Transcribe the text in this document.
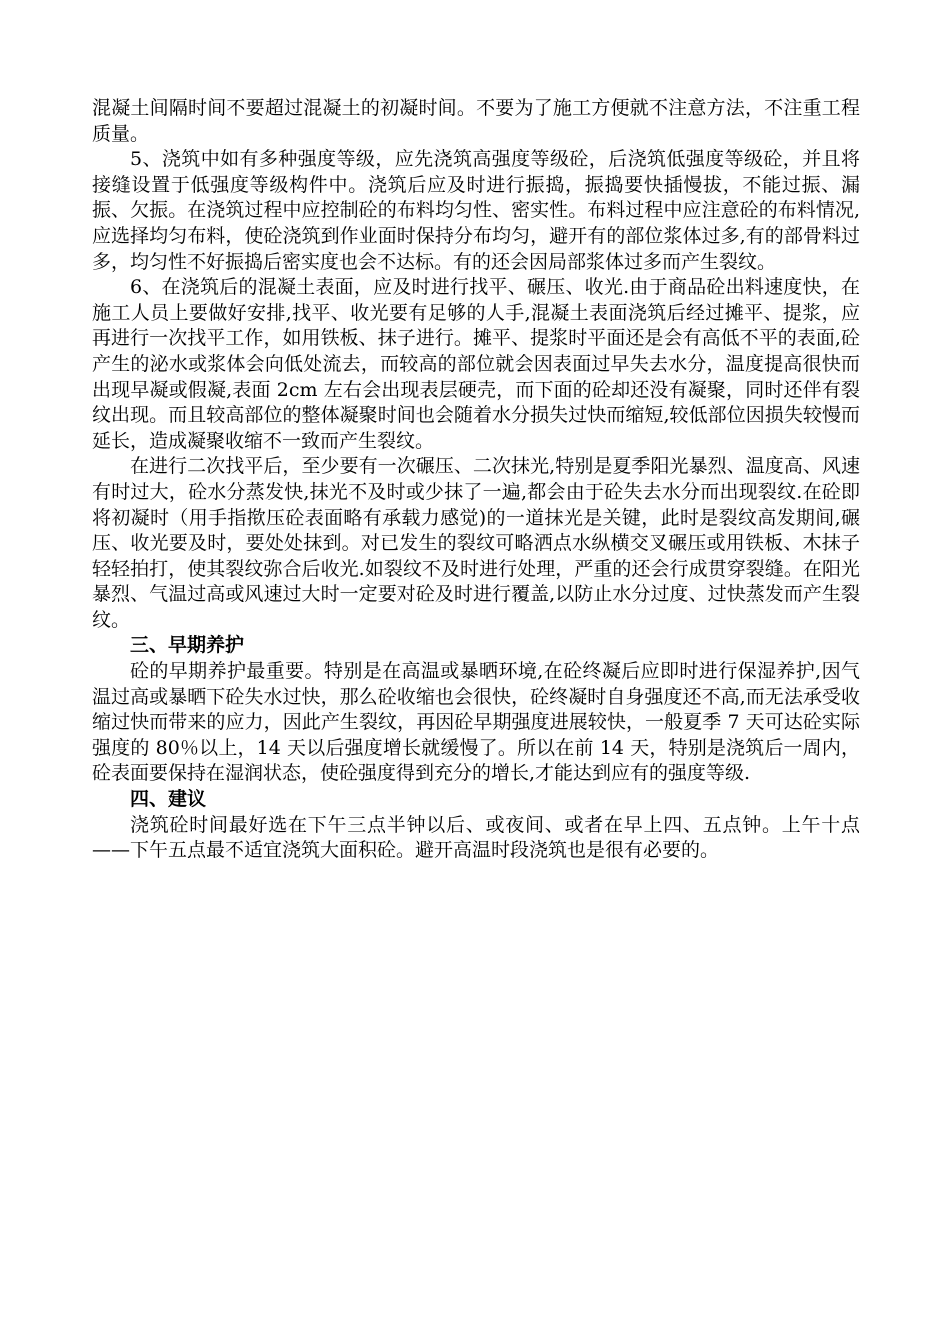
混凝土间隔时间不要超过混凝土的初凝时间。不要为了施工方便就不注意方法，不注重工程质量。

5、浇筑中如有多种强度等级，应先浇筑高强度等级砼，后浇筑低强度等级砼，并且将接缝设置于低强度等级构件中。浇筑后应及时进行振捣，振捣要快插慢拔，不能过振、漏振、欠振。在浇筑过程中应控制砼的布料均匀性、密实性。布料过程中应注意砼的布料情况,应选择均匀布料，使砼浇筑到作业面时保持分布均匀，避开有的部位浆体过多,有的部骨料过多，均匀性不好振捣后密实度也会不达标。有的还会因局部浆体过多而产生裂纹。

6、在浇筑后的混凝土表面，应及时进行找平、碾压、收光.由于商品砼出料速度快，在施工人员上要做好安排,找平、收光要有足够的人手,混凝土表面浇筑后经过摊平、提浆，应再进行一次找平工作，如用铁板、抹子进行。摊平、提浆时平面还是会有高低不平的表面,砼产生的泌水或浆体会向低处流去，而较高的部位就会因表面过早失去水分，温度提高很快而出现早凝或假凝,表面 2cm 左右会出现表层硬壳，而下面的砼却还没有凝聚，同时还伴有裂纹出现。而且较高部位的整体凝聚时间也会随着水分损失过快而缩短,较低部位因损失较慢而延长，造成凝聚收缩不一致而产生裂纹。

在进行二次找平后，至少要有一次碾压、二次抹光,特别是夏季阳光暴烈、温度高、风速有时过大，砼水分蒸发快,抹光不及时或少抹了一遍,都会由于砼失去水分而出现裂纹.在砼即将初凝时（用手指揿压砼表面略有承载力感觉)的一道抹光是关键，此时是裂纹高发期间,碾压、收光要及时，要处处抹到。对已发生的裂纹可略洒点水纵横交叉碾压或用铁板、木抹子轻轻拍打，使其裂纹弥合后收光.如裂纹不及时进行处理，严重的还会行成贯穿裂缝。在阳光暴烈、气温过高或风速过大时一定要对砼及时进行覆盖,以防止水分过度、过快蒸发而产生裂纹。

三、早期养护

砼的早期养护最重要。特别是在高温或暴晒环境,在砼终凝后应即时进行保湿养护,因气温过高或暴晒下砼失水过快，那么砼收缩也会很快，砼终凝时自身强度还不高,而无法承受收缩过快而带来的应力，因此产生裂纹，再因砼早期强度进展较快，一般夏季 7 天可达砼实际强度的 80％以上，14 天以后强度增长就缓慢了。所以在前 14 天，特别是浇筑后一周内，砼表面要保持在湿润状态，使砼强度得到充分的增长,才能达到应有的强度等级.

四、建议

浇筑砼时间最好选在下午三点半钟以后、或夜间、或者在早上四、五点钟。上午十点——下午五点最不适宜浇筑大面积砼。避开高温时段浇筑也是很有必要的。
